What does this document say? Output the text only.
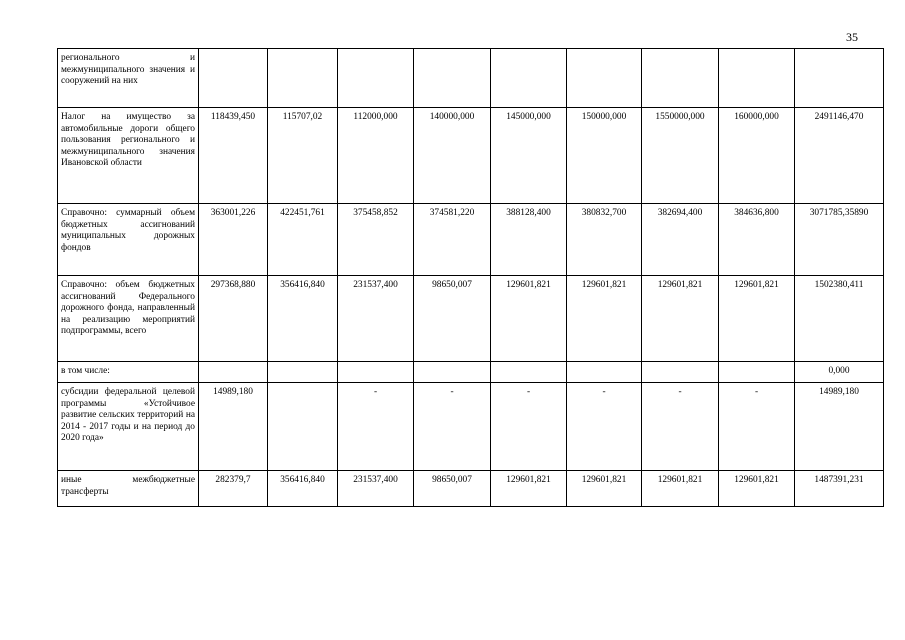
35
регионального и межмуниципального значения и сооружений на них									
Налог на имущество за автомобильные дороги общего пользования регионального и межмуниципального значения Ивановской области	118439,450	115707,02	112000,000	140000,000	145000,000	150000,000	1550000,000	160000,000	2491146,470
Справочно: суммарный объем бюджетных ассигнований муниципальных дорожных фондов	363001,226	422451,761	375458,852	374581,220	388128,400	380832,700	382694,400	384636,800	3071785,35890
Справочно: объем бюджетных ассигнований Федерального дорожного фонда, направленный на реализацию мероприятий подпрограммы, всего	297368,880	356416,840	231537,400	98650,007	129601,821	129601,821	129601,821	129601,821	1502380,411
в том числе:									0,000
субсидии федеральной целевой программы «Устойчивое развитие сельских территорий на 2014 - 2017 годы и на период до 2020 года»	14989,180		-	-	-	-	-	-	14989,180
иные межбюджетные трансферты	282379,7	356416,840	231537,400	98650,007	129601,821	129601,821	129601,821	129601,821	1487391,231
